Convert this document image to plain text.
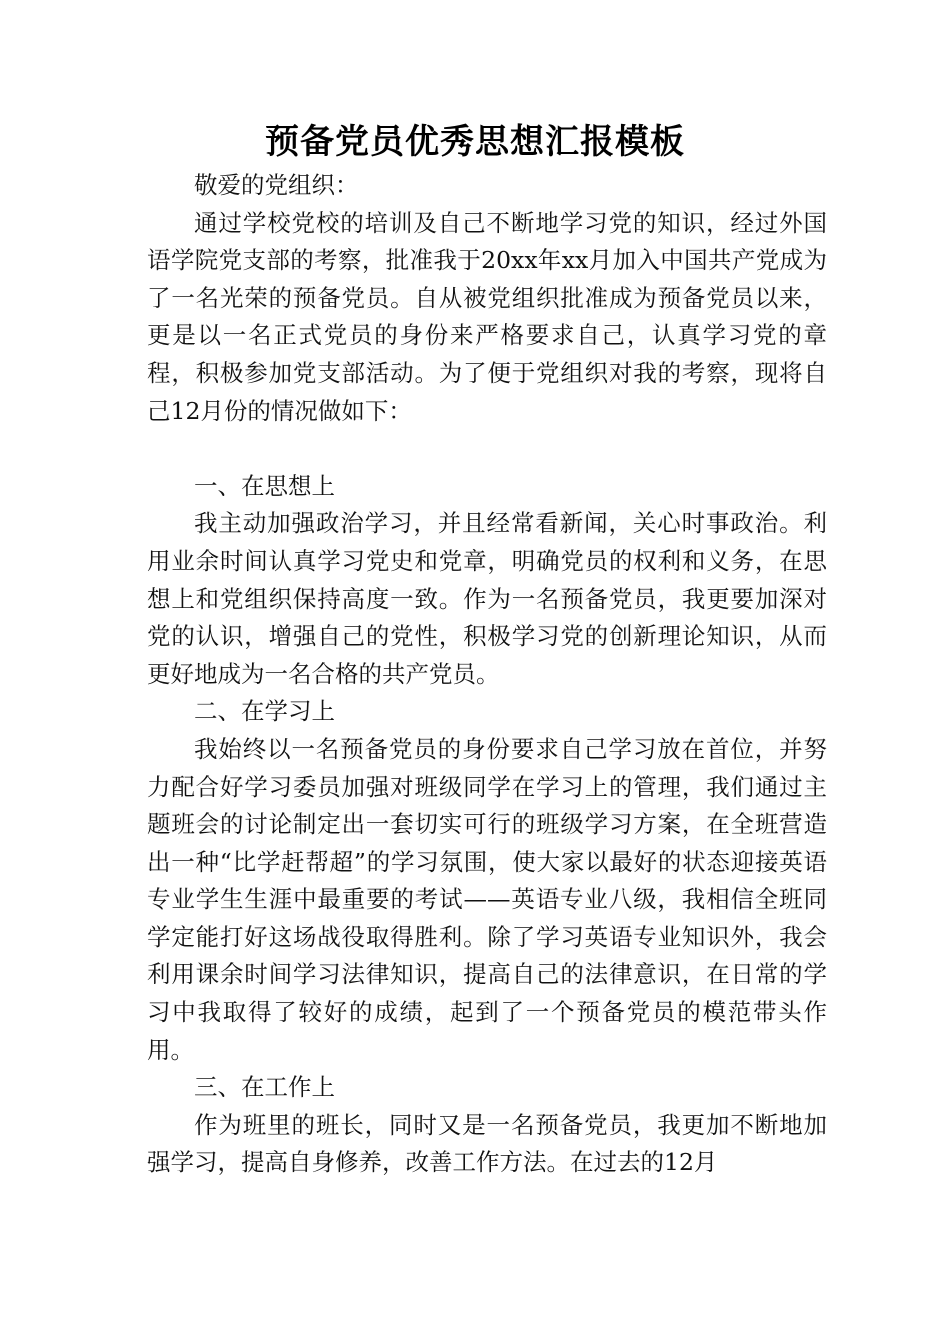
预备党员优秀思想汇报模板

敬爱的党组织：

通过学校党校的培训及自己不断地学习党的知识，经过外国语学院党支部的考察，批准我于20xx年xx月加入中国共产党成为了一名光荣的预备党员。自从被党组织批准成为预备党员以来，更是以一名正式党员的身份来严格要求自己，认真学习党的章程，积极参加党支部活动。为了便于党组织对我的考察，现将自己12月份的情况做如下：

一、在思想上

我主动加强政治学习，并且经常看新闻，关心时事政治。利用业余时间认真学习党史和党章，明确党员的权利和义务，在思想上和党组织保持高度一致。作为一名预备党员，我更要加深对党的认识，增强自己的党性，积极学习党的创新理论知识，从而更好地成为一名合格的共产党员。

二、在学习上

我始终以一名预备党员的身份要求自己学习放在首位，并努力配合好学习委员加强对班级同学在学习上的管理，我们通过主题班会的讨论制定出一套切实可行的班级学习方案，在全班营造出一种“比学赶帮超”的学习氛围，使大家以最好的状态迎接英语专业学生生涯中最重要的考试——英语专业八级，我相信全班同学定能打好这场战役取得胜利。除了学习英语专业知识外，我会利用课余时间学习法律知识，提高自己的法律意识，在日常的学习中我取得了较好的成绩，起到了一个预备党员的模范带头作用。

三、在工作上

作为班里的班长，同时又是一名预备党员，我更加不断地加强学习，提高自身修养，改善工作方法。在过去的12月
